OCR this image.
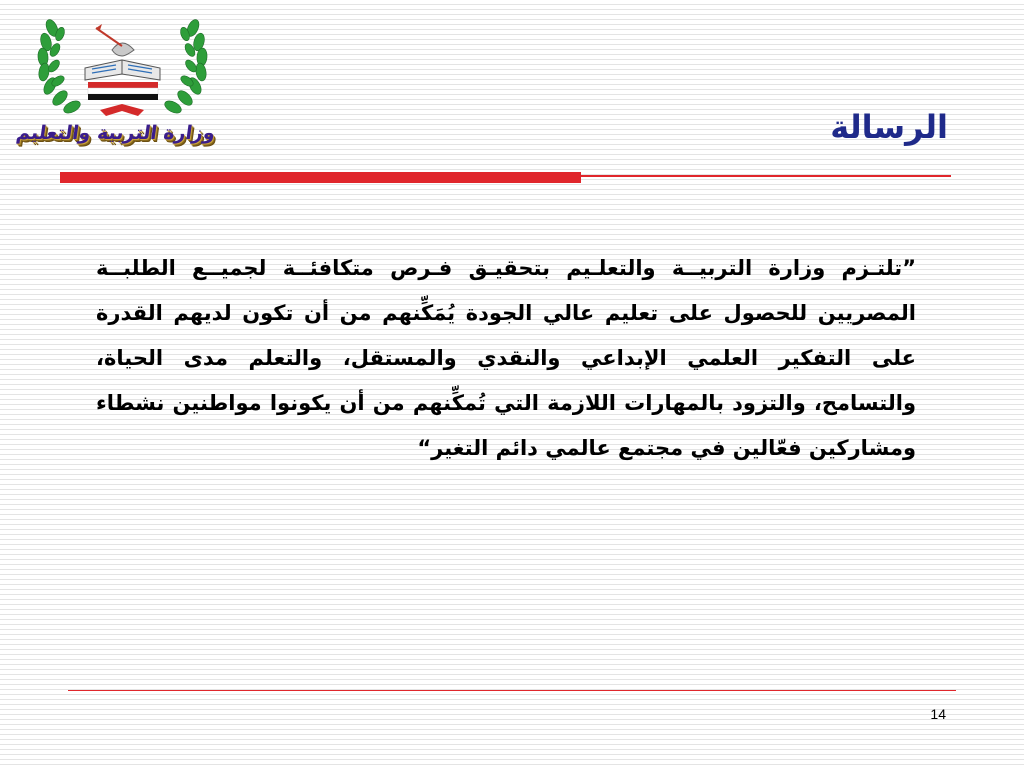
وزارة التربية والتعليم	الرسالة
”تلتـزم وزارة التربيــة والتعلـيم بتحقيـق فـرص متكافئــة لجميــع الطلبــة المصريين للحصول على تعليم عالي الجودة يُمَكِّنهم من أن تكون لديهم القدرة على التفكير العلمي الإبداعي والنقدي والمستقل، والتعلم مدى الحياة، والتسامح، والتزود بالمهارات اللازمة التي تُمكِّنهم من أن يكونوا مواطنين نشطاء ومشاركين فعّالين في مجتمع عالمي دائم التغير“
14
